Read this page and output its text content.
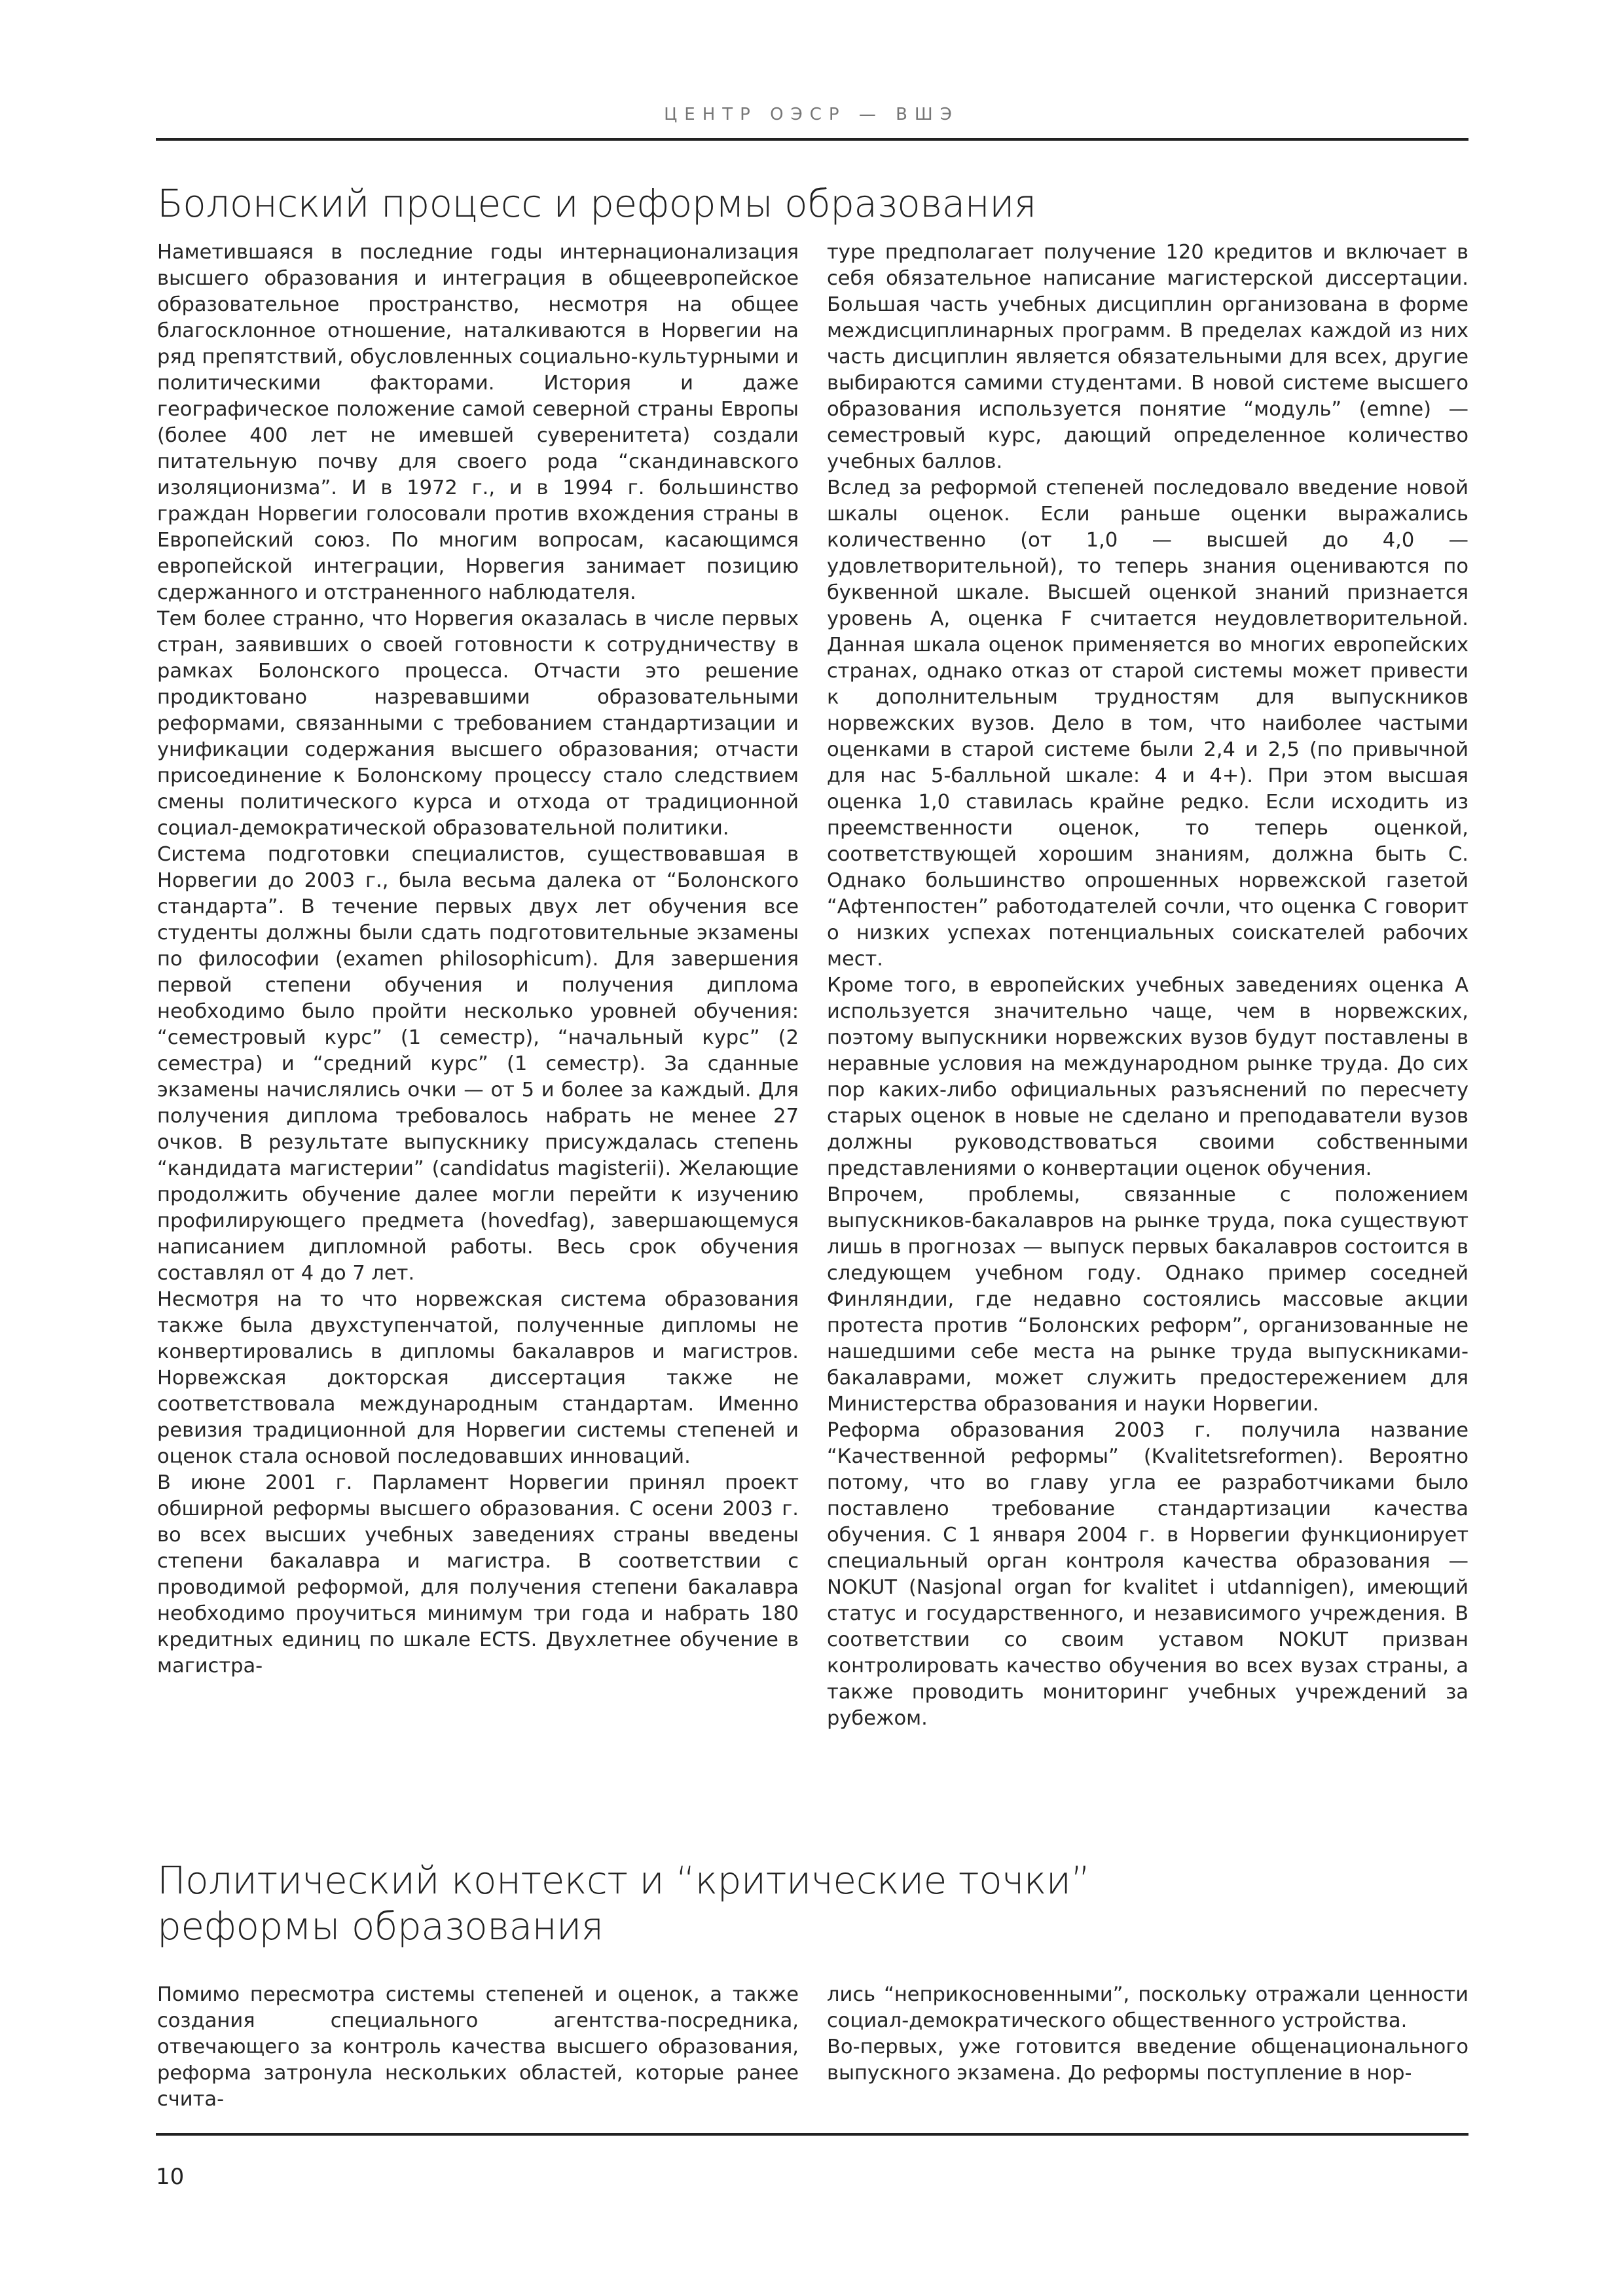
ЦЕНТР ОЭСР — ВШЭ
Болонский процесс и реформы образования

Наметившаяся в последние годы интернационализация высшего образования и интеграция в общеевропейское образовательное пространство, несмотря на общее благосклонное отношение, наталкиваются в Норвегии на ряд препятствий, обусловленных социально-культурными и политическими факторами. История и даже географическое положение самой северной страны Европы (более 400 лет не имевшей суверенитета) создали питательную почву для своего рода “скандинавского изоляционизма”. И в 1972 г., и в 1994 г. большинство граждан Норвегии голосовали против вхождения страны в Европейский союз. По многим вопросам, касающимся европейской интеграции, Норвегия занимает позицию сдержанного и отстраненного наблюдателя.

Тем более странно, что Норвегия оказалась в числе первых стран, заявивших о своей готовности к сотрудничеству в рамках Болонского процесса. Отчасти это решение продиктовано назревавшими образовательными реформами, связанными с требованием стандартизации и унификации содержания высшего образования; отчасти присоединение к Болонскому процессу стало следствием смены политического курса и отхода от традиционной социал-демократической образовательной политики.

Система подготовки специалистов, существовавшая в Норвегии до 2003 г., была весьма далека от “Болонского стандарта”. В течение первых двух лет обучения все студенты должны были сдать подготовительные экзамены по философии (examen philosophicum). Для завершения первой степени обучения и получения диплома необходимо было пройти несколько уровней обучения: “семестровый курс” (1 семестр), “начальный курс” (2 семестра) и “средний курс” (1 семестр). За сданные экзамены начислялись очки — от 5 и более за каждый. Для получения диплома требовалось набрать не менее 27 очков. В результате выпускнику присуждалась степень “кандидата магистерии” (candidatus magisterii). Желающие продолжить обучение далее могли перейти к изучению профилирующего предмета (hovedfag), завершающемуся написанием дипломной работы. Весь срок обучения составлял от 4 до 7 лет.

Несмотря на то что норвежская система образования также была двухступенчатой, полученные дипломы не конвертировались в дипломы бакалавров и магистров. Норвежская докторская диссертация также не соответствовала международным стандартам. Именно ревизия традиционной для Норвегии системы степеней и оценок стала основой последовавших инноваций.

В июне 2001 г. Парламент Норвегии принял проект обширной реформы высшего образования. С осени 2003 г. во всех высших учебных заведениях страны введены степени бакалавра и магистра. В соответствии с проводимой реформой, для получения степени бакалавра необходимо проучиться минимум три года и набрать 180 кредитных единиц по шкале ECTS. Двухлетнее обучение в магистра-

туре предполагает получение 120 кредитов и включает в себя обязательное написание магистерской диссертации. Большая часть учебных дисциплин организована в форме междисциплинарных программ. В пределах каждой из них часть дисциплин является обязательными для всех, другие выбираются самими студентами. В новой системе высшего образования используется понятие “модуль” (emne) — семестровый курс, дающий определенное количество учебных баллов.

Вслед за реформой степеней последовало введение новой шкалы оценок. Если раньше оценки выражались количественно (от 1,0 — высшей до 4,0 — удовлетворительной), то теперь знания оцениваются по буквенной шкале. Высшей оценкой знаний признается уровень А, оценка F считается неудовлетворительной. Данная шкала оценок применяется во многих европейских странах, однако отказ от старой системы может привести к дополнительным трудностям для выпускников норвежских вузов. Дело в том, что наиболее частыми оценками в старой системе были 2,4 и 2,5 (по привычной для нас 5-балльной шкале: 4 и 4+). При этом высшая оценка 1,0 ставилась крайне редко. Если исходить из преемственности оценок, то теперь оценкой, соответствующей хорошим знаниям, должна быть С. Однако большинство опрошенных норвежской газетой “Афтенпостен” работодателей сочли, что оценка С говорит о низких успехах потенциальных соискателей рабочих мест.

Кроме того, в европейских учебных заведениях оценка А используется значительно чаще, чем в норвежских, поэтому выпускники норвежских вузов будут поставлены в неравные условия на международном рынке труда. До сих пор каких-либо официальных разъяснений по пересчету старых оценок в новые не сделано и преподаватели вузов должны руководствоваться своими собственными представлениями о конвертации оценок обучения.

Впрочем, проблемы, связанные с положением выпускников-бакалавров на рынке труда, пока существуют лишь в прогнозах — выпуск первых бакалавров состоится в следующем учебном году. Однако пример соседней Финляндии, где недавно состоялись массовые акции протеста против “Болонских реформ”, организованные не нашедшими себе места на рынке труда выпускниками-бакалаврами, может служить предостережением для Министерства образования и науки Норвегии.

Реформа образования 2003 г. получила название “Качественной реформы” (Kvalitetsreformen). Вероятно потому, что во главу угла ее разработчиками было поставлено требование стандартизации качества обучения. С 1 января 2004 г. в Норвегии функционирует специальный орган контроля качества образования — NOKUT (Nasjonal organ for kvalitet i utdannigen), имеющий статус и государственного, и независимого учреждения. В соответствии со своим уставом NOKUT призван контролировать качество обучения во всех вузах страны, а также проводить мониторинг учебных учреждений за рубежом.

Политический контекст и “критические точки”
реформы образования

Помимо пересмотра системы степеней и оценок, а также создания специального агентства-посредника, отвечающего за контроль качества высшего образования, реформа затронула нескольких областей, которые ранее счита-

лись “неприкосновенными”, поскольку отражали ценности социал-демократического общественного устройства.

Во-первых, уже готовится введение общенационального выпускного экзамена. До реформы поступление в нор-

10
